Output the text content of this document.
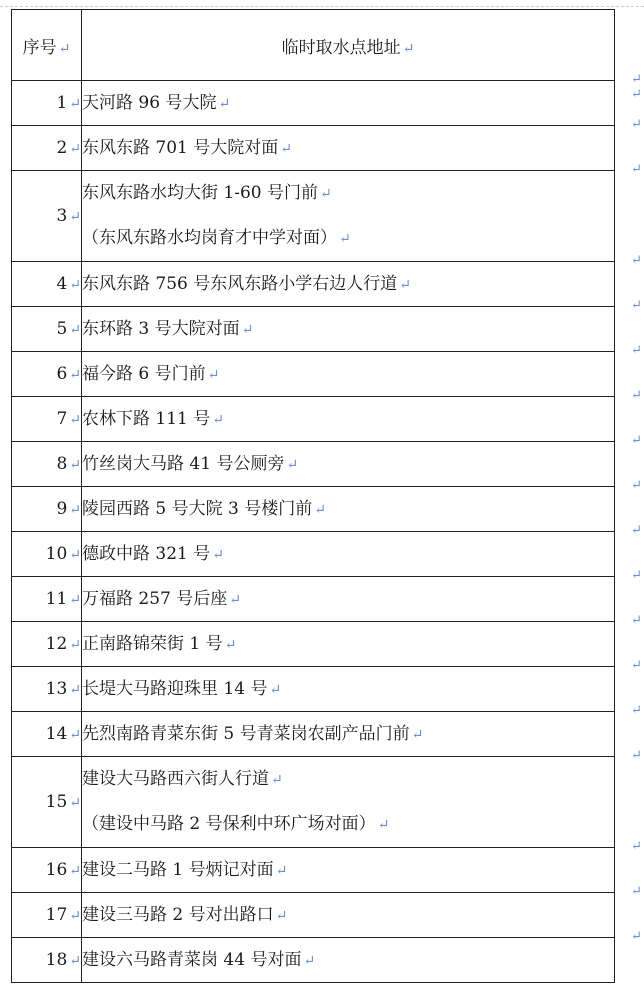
序号 ↵	临时取水点地址 ↵
1 ↵	天河路 96 号大院 ↵

2 ↵	东风东路 701 号大院对面 ↵

3 ↵	东风东路水均大街 1-60 号门前 ↵
（东风东路水均岗育才中学对面） ↵

4 ↵	东风东路 756 号东风东路小学右边人行道 ↵

5 ↵	东环路 3 号大院对面 ↵

6 ↵	福今路 6 号门前 ↵

7 ↵	农林下路 111 号 ↵

8 ↵	竹丝岗大马路 41 号公厕旁 ↵

9 ↵	陵园西路 5 号大院 3 号楼门前 ↵

10 ↵	德政中路 321 号 ↵

11 ↵	万福路 257 号后座 ↵

12 ↵	正南路锦荣街 1 号 ↵

13 ↵	长堤大马路迎珠里 14 号 ↵

14 ↵	先烈南路青菜东街 5 号青菜岗农副产品门前 ↵

15 ↵	建设大马路西六街人行道 ↵
（建设中马路 2 号保利中环广场对面） ↵

16 ↵	建设二马路 1 号炳记对面 ↵

17 ↵	建设三马路 2 号对出路口 ↵

18 ↵	建设六马路青菜岗 44 号对面 ↵
↵
↵
↵
↵
↵
↵
↵
↵
↵
↵
↵
↵
↵
↵
↵
↵
↵
↵
↵
